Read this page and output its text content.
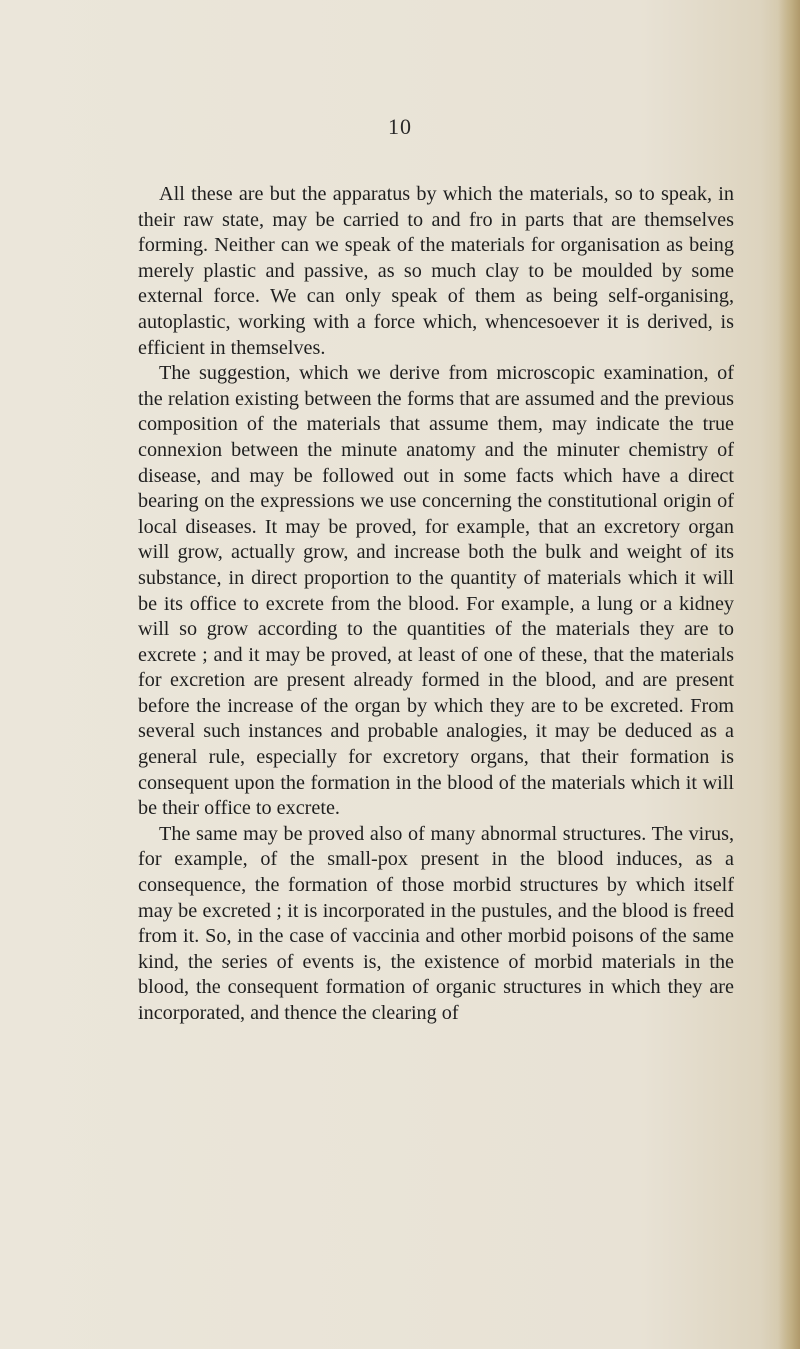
10

All these are but the apparatus by which the materials, so to speak, in their raw state, may be carried to and fro in parts that are themselves forming. Neither can we speak of the materials for organisation as being merely plastic and passive, as so much clay to be moulded by some external force. We can only speak of them as being self-organising, autoplastic, working with a force which, whencesoever it is derived, is efficient in themselves.

The suggestion, which we derive from microscopic examination, of the relation existing between the forms that are assumed and the previous composition of the materials that assume them, may indicate the true connexion between the minute anatomy and the minuter chemistry of disease, and may be followed out in some facts which have a direct bearing on the expressions we use concerning the constitutional origin of local diseases. It may be proved, for example, that an excretory organ will grow, actually grow, and increase both the bulk and weight of its substance, in direct proportion to the quantity of materials which it will be its office to excrete from the blood. For example, a lung or a kidney will so grow according to the quantities of the materials they are to excrete ; and it may be proved, at least of one of these, that the materials for excretion are present already formed in the blood, and are present before the increase of the organ by which they are to be excreted. From several such instances and probable analogies, it may be deduced as a general rule, especially for excretory organs, that their formation is consequent upon the formation in the blood of the materials which it will be their office to excrete.

The same may be proved also of many abnormal structures. The virus, for example, of the small-pox present in the blood induces, as a consequence, the formation of those morbid structures by which itself may be excreted ; it is incorporated in the pustules, and the blood is freed from it. So, in the case of vaccinia and other morbid poisons of the same kind, the series of events is, the existence of morbid materials in the blood, the consequent formation of organic structures in which they are incorporated, and thence the clearing of
